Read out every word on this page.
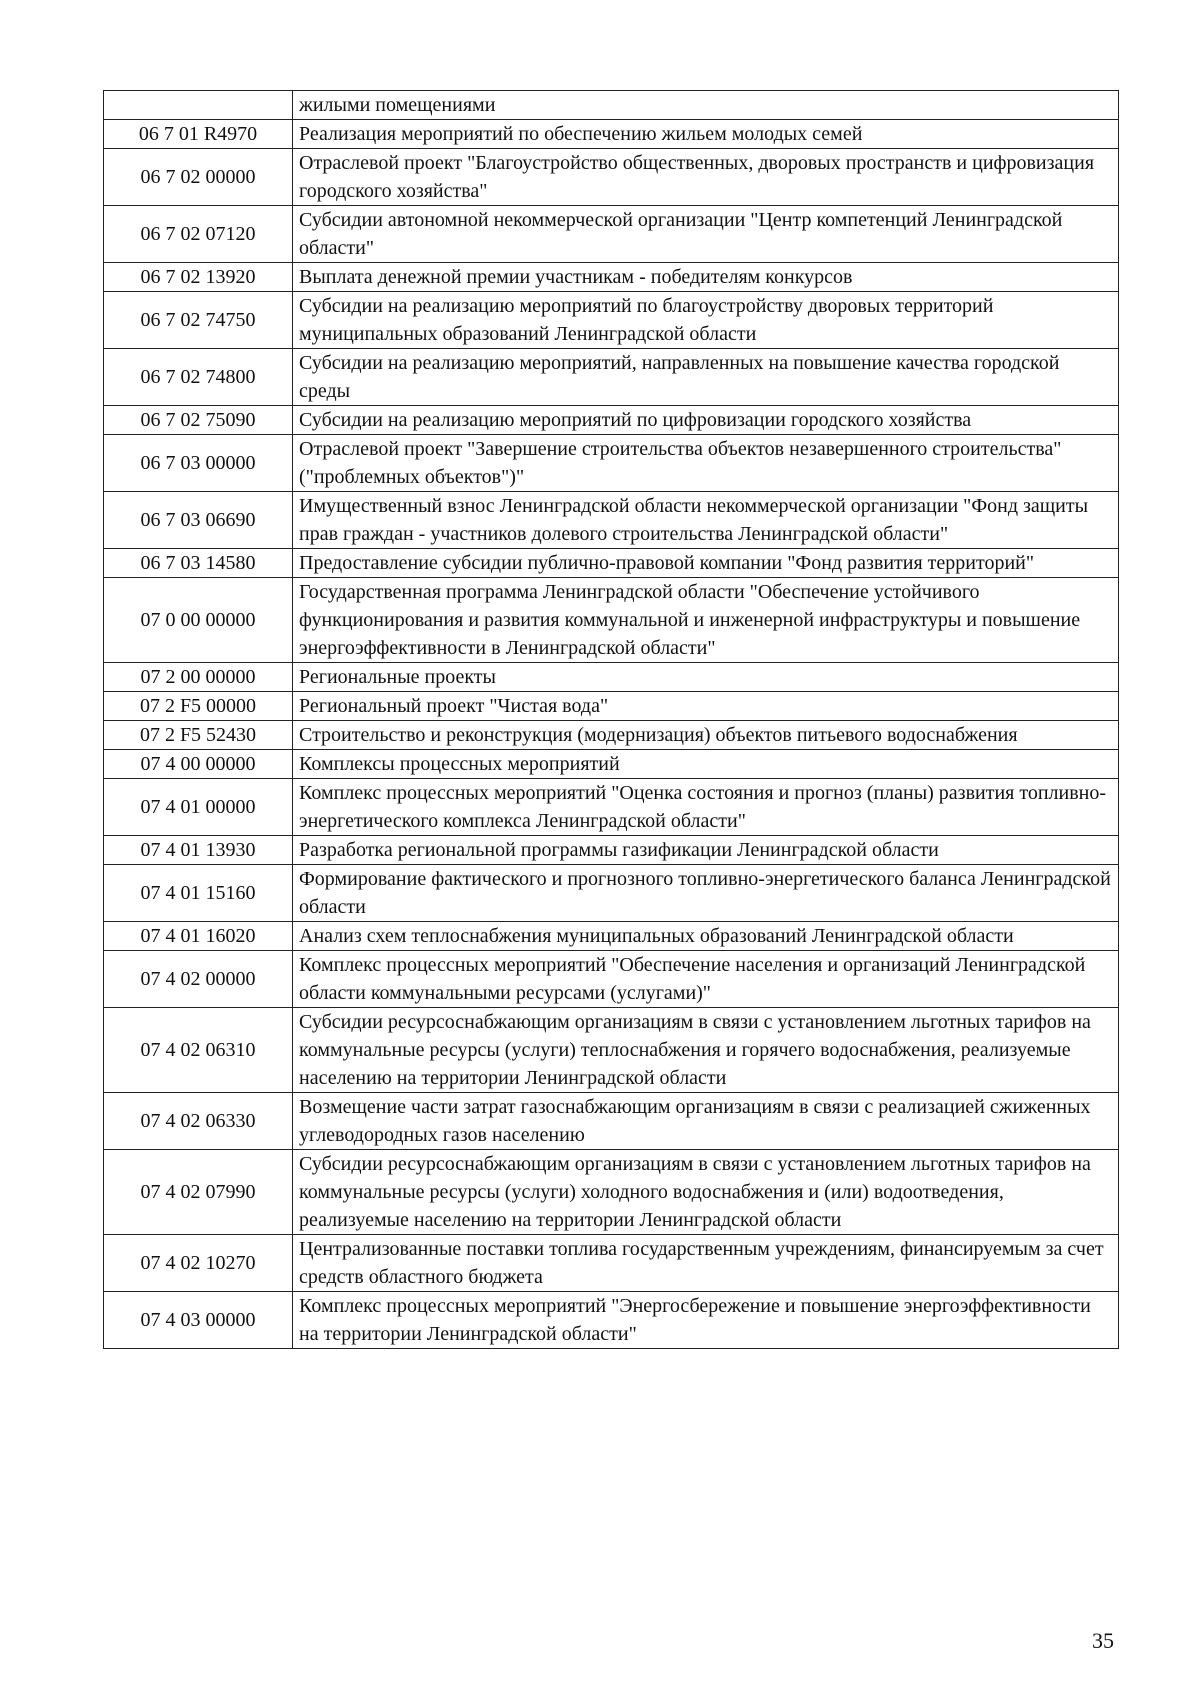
	жилыми помещениями
06 7 01 R4970	Реализация мероприятий по обеспечению жильем молодых семей
06 7 02 00000	Отраслевой проект "Благоустройство общественных, дворовых пространств и цифровизация городского хозяйства"
06 7 02 07120	Субсидии автономной некоммерческой организации "Центр компетенций Ленинградской области"
06 7 02 13920	Выплата денежной премии участникам - победителям конкурсов
06 7 02 74750	Субсидии на реализацию мероприятий по благоустройству дворовых территорий муниципальных образований Ленинградской области
06 7 02 74800	Субсидии на реализацию мероприятий, направленных на повышение качества городской среды
06 7 02 75090	Субсидии на реализацию мероприятий по цифровизации городского хозяйства
06 7 03 00000	Отраслевой проект "Завершение строительства объектов незавершенного строительства" ("проблемных объектов")"
06 7 03 06690	Имущественный взнос Ленинградской области некоммерческой организации "Фонд защиты прав граждан - участников долевого строительства Ленинградской области"
06 7 03 14580	Предоставление субсидии публично-правовой компании "Фонд развития территорий"
07 0 00 00000	Государственная программа Ленинградской области "Обеспечение устойчивого функционирования и развития коммунальной и инженерной инфраструктуры и повышение энергоэффективности в Ленинградской области"
07 2 00 00000	Региональные проекты
07 2 F5 00000	Региональный проект "Чистая вода"
07 2 F5 52430	Строительство и реконструкция (модернизация) объектов питьевого водоснабжения
07 4 00 00000	Комплексы процессных мероприятий
07 4 01 00000	Комплекс процессных мероприятий "Оценка состояния и прогноз (планы) развития топливно-энергетического комплекса Ленинградской области"
07 4 01 13930	Разработка региональной программы газификации Ленинградской области
07 4 01 15160	Формирование фактического и прогнозного топливно-энергетического баланса Ленинградской области
07 4 01 16020	Анализ схем теплоснабжения муниципальных образований Ленинградской области
07 4 02 00000	Комплекс процессных мероприятий "Обеспечение населения и организаций Ленинградской области коммунальными ресурсами (услугами)"
07 4 02 06310	Субсидии ресурсоснабжающим организациям в связи с установлением льготных тарифов на коммунальные ресурсы (услуги) теплоснабжения и горячего водоснабжения, реализуемые населению на территории Ленинградской области
07 4 02 06330	Возмещение части затрат газоснабжающим организациям в связи с реализацией сжиженных углеводородных газов населению
07 4 02 07990	Субсидии ресурсоснабжающим организациям в связи с установлением льготных тарифов на коммунальные ресурсы (услуги) холодного водоснабжения и (или) водоотведения, реализуемые населению на территории Ленинградской области
07 4 02 10270	Централизованные поставки топлива государственным учреждениям, финансируемым за счет средств областного бюджета
07 4 03 00000	Комплекс процессных мероприятий "Энергосбережение и повышение энергоэффективности на территории Ленинградской области"
35
